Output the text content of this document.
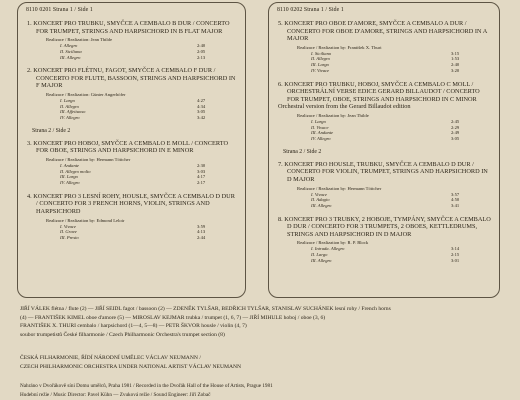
8110 0201 Strana 1 / Side 1
1. KONCERT PRO TRUBKU, SMYČCE A CEMBALO B DUR / CONCERTO FOR TRUMPET, STRINGS AND HARPSICHORD IN B FLAT MAJOR
Realizace / Realization: Jean Thilde
I. Allegro	2:40
II. Siciliana	2:05
III. Allegro	2:13
2. KONCERT PRO FLÉTNU, FAGOT, SMYČCE A CEMBALO F DUR / CONCERTO FOR FLUTE, BASSOON, STRINGS AND HARPSICHORD IN F MAJOR
Realizace / Realization: Günter Angerhöfer
I. Largo	4:27
II. Allegro	4:34
III. Affettuoso	3:05
IV. Allegro	3:42
Strana 2 / Side 2
3. KONCERT PRO HOBOJ, SMYČCE A CEMBALO E MOLL / CONCERTO FOR OBOE, STRINGS AND HARPSICHORD IN E MINOR
Realizace / Realization by: Hermann Töttcher
I. Andante	2:30
II. Allegro molto	3:03
III. Largo	4:17
IV. Allegro	2:17
4. KONCERT PRO 3 LESNÍ ROHY, HOUSLE, SMYČCE A CEMBALO D DUR / CONCERTO FOR 3 FRENCH HORNS, VIOLIN, STRINGS AND HARPSICHORD
Realizace / Realization by: Edmond Leloir
I. Vivace	3:59
II. Grave	4:13
III. Presto	2:44
8110 0202 Strana 1 / Side 1
5. KONCERT PRO OBOE D'AMORE, SMYČCE A CEMBALO A DUR / CONCERTO FOR OBOE D'AMORE, STRINGS AND HARPSICHORD IN A MAJOR
Realizace / Realization by: František X. Thuri
I. Siciliano	3:15
II. Allegro	1:53
III. Largo	2:40
IV. Vivace	3:20
6. KONCERT PRO TRUBKU, HOBOJ, SMYČCE A CEMBALO C MOLL / ORCHESTRÁLNÍ VERSE EDICE GERARD BILLAUDOT / CONCERTO FOR TRUMPET, OBOE, STRINGS AND HARPSICHORD IN C MINOR
Orchestral version from the Gerard Billaudot edition
Realizace / Realization by: Jean Thilde
I. Largo	2:45
II. Vivace	2:29
III. Andante	2:49
IV. Allegro	3:05
Strana 2 / Side 2
7. KONCERT PRO HOUSLE, TRUBKU, SMYČCE A CEMBALO D DUR / CONCERTO FOR VIOLIN, TRUMPET, STRINGS AND HARPSICHORD IN D MAJOR
Realizace / Realization by: Hermann Töttcher
I. Vivace	3:57
II. Adagio	4:50
III. Allegro	3:41
8. KONCERT PRO 3 TRUBKY, 2 HOBOJE, TYMPÁNY, SMYČCE A CEMBALO D DUR / CONCERTO FOR 3 TRUMPETS, 2 OBOES, KETTLEDRUMS, STRINGS AND HARPSICHORD IN D MAJOR
Realizace / Realization by: R. P. Block
I. Intrada. Allegro	3:14
II. Largo	2:15
III. Allegro	3:01
JIŘÍ VÁLEK flétna / flute (2) — JIŘÍ SEIDL fagot / bassoon (2) — ZDENĚK TYLŠAR, BEDŘICH TYLŠAR, STANISLAV SUCHÁNEK lesní rohy / French horns
(4) — FRANTIŠEK KIMEL oboe d'amore (5) — MIROSLAV KEJMAR trubka / trumpet (1, 6, 7) — JIŘÍ MIHULE hoboj / oboe (3, 6)
FRANTIŠEK X. THURI cembalo / harpsichord (1—4, 5—8) — PETR ŠKVOR housle / violin (4, 7)
soubor trumpetistů České filharmonie / Czech Philharmonic Orchestra's trumpet section (8)
ČESKÁ FILHARMONIE, ŘÍDÍ NÁRODNÍ UMĚLEC VÁCLAV NEUMANN /
CZECH PHILHARMONIC ORCHESTRA UNDER NATIONAL ARTIST VÁCLAV NEUMANN
Nahráno v Dvořákově síni Domu umělců, Praha 1981 / Recorded in the Dvořák Hall of the House of Artists, Prague 1981
Hudební režie / Music Director: Pavel Kühn — Zvuková režie / Sound Engineer: Jiří Zobač
